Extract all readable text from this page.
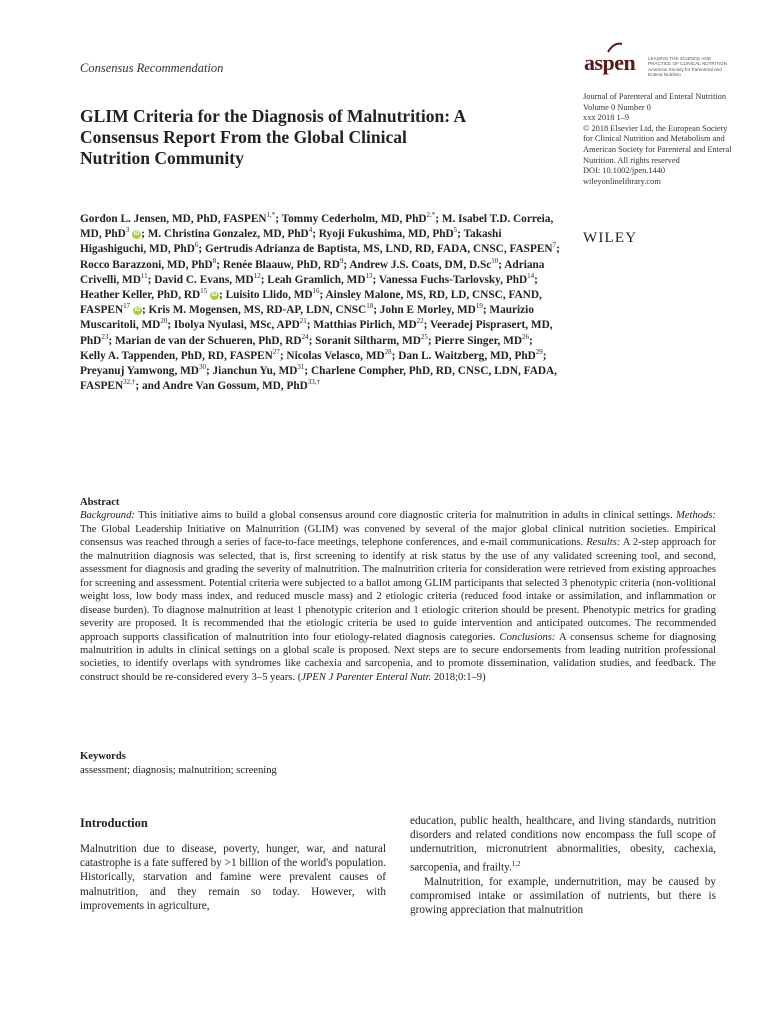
Consensus Recommendation	aspen	LEADING THE SCIENCE AND PRACTICE OF CLINICAL NUTRITION
American Society for Parenteral and Enteral Nutrition
GLIM Criteria for the Diagnosis of Malnutrition: A Consensus Report From the Global Clinical Nutrition Community
Journal of Parenteral and Enteral Nutrition
Volume 0 Number 0
xxx 2018 1–9
© 2018 Elsevier Ltd, the European Society for Clinical Nutrition and Metabolism and American Society for Parenteral and Enteral Nutrition. All rights reserved
DOI: 10.1002/jpen.1440
wileyonlinelibrary.com
WILEY
Gordon L. Jensen, MD, PhD, $FASPEN^{1,*}$; Tommy Cederholm, MD, PhD$^{2,*}$; M. Isabel T.D. Correia, MD, PhD$^3$ iD ; M. Christina Gonzalez, MD, PhD$^4$; Ryoji Fukushima, MD, PhD$^5$; Takashi Higashiguchi, MD, PhD$^6$; Gertrudis Adrianza de Baptista, MS, LND, RD, FADA, CNSC, FASPEN$^7$; Rocco Barazzoni, MD, PhD$^8$; Renée Blaauw, PhD, $RD^9$; Andrew J.S. Coats, DM, D.Sc$^{10}$; Adriana Crivelli, MD$^{11}$; David C. Evans, MD$^{12}$; Leah Gramlich, MD$^{13}$; Vanessa Fuchs-Tarlovsky, PhD$^{14}$; Heather Keller, PhD, RD$^{15}$ iD ; Luisito Llido, MD$^{16}$; Ainsley Malone, MS, RD, LD, CNSC, FAND, FASPEN$^{17}$ iD ; Kris M. Mogensen, MS, RD-AP, LDN, CNSC$^{18}$; John E Morley, MD$^{19}$; Maurizio Muscaritoli, MD$^{20}$; Ibolya Nyulasi, MSc, APD$^{21}$; Matthias Pirlich, MD$^{22}$; Veeradej Pisprasert, MD, PhD$^{23}$; Marian de van der Schueren, PhD, RD$^{24}$; Soranit Siltharm, MD$^{25}$; Pierre Singer, MD$^{26}$; Kelly A. Tappenden, PhD, RD, FASPEN$^{27}$; Nicolas Velasco, MD$^{28}$; Dan L. Waitzberg, MD, PhD$^{29}$; Preyanuj Yamwong, MD$^{30}$; Jianchun Yu, MD$^{31}$; Charlene Compher, PhD, RD, CNSC, LDN, FADA, $FASPEN^{32,\dagger}$; and Andre Van Gossum, MD, PhD$^{33,\dagger}$
Abstract
Background: This initiative aims to build a global consensus around core diagnostic criteria for malnutrition in adults in clinical settings. Methods: The Global Leadership Initiative on Malnutrition (GLIM) was convened by several of the major global clinical nutrition societies. Empirical consensus was reached through a series of face-to-face meetings, telephone conferences, and e-mail communications. Results: A 2-step approach for the malnutrition diagnosis was selected, that is, first screening to identify at risk status by the use of any validated screening tool, and second, assessment for diagnosis and grading the severity of malnutrition. The malnutrition criteria for consideration were retrieved from existing approaches for screening and assessment. Potential criteria were subjected to a ballot among GLIM participants that selected 3 phenotypic criteria (non-volitional weight loss, low body mass index, and reduced muscle mass) and 2 etiologic criteria (reduced food intake or assimilation, and inflammation or disease burden). To diagnose malnutrition at least 1 phenotypic criterion and 1 etiologic criterion should be present. Phenotypic metrics for grading severity are proposed. It is recommended that the etiologic criteria be used to guide intervention and anticipated outcomes. The recommended approach supports classification of malnutrition into four etiology-related diagnosis categories. Conclusions: A consensus scheme for diagnosing malnutrition in adults in clinical settings on a global scale is proposed. Next steps are to secure endorsements from leading nutrition professional societies, to identify overlaps with syndromes like cachexia and sarcopenia, and to promote dissemination, validation studies, and feedback. The construct should be re-considered every 3–5 years. (JPEN J Parenter Enteral Nutr. 2018;0:1–9)
Keywords
assessment; diagnosis; malnutrition; screening
Introduction

Malnutrition due to disease, poverty, hunger, war, and natural catastrophe is a fate suffered by >1 billion of the world's population. Historically, starvation and famine were prevalent causes of malnutrition, and they remain so today. However, with improvements in agriculture,

education, public health, healthcare, and living standards, nutrition disorders and related conditions now encompass the full scope of undernutrition, micronutrient abnormalities, obesity, cachexia, sarcopenia, and frailty.$^{1,2}$

Malnutrition, for example, undernutrition, may be caused by compromised intake or assimilation of nutrients, but there is growing appreciation that malnutrition
